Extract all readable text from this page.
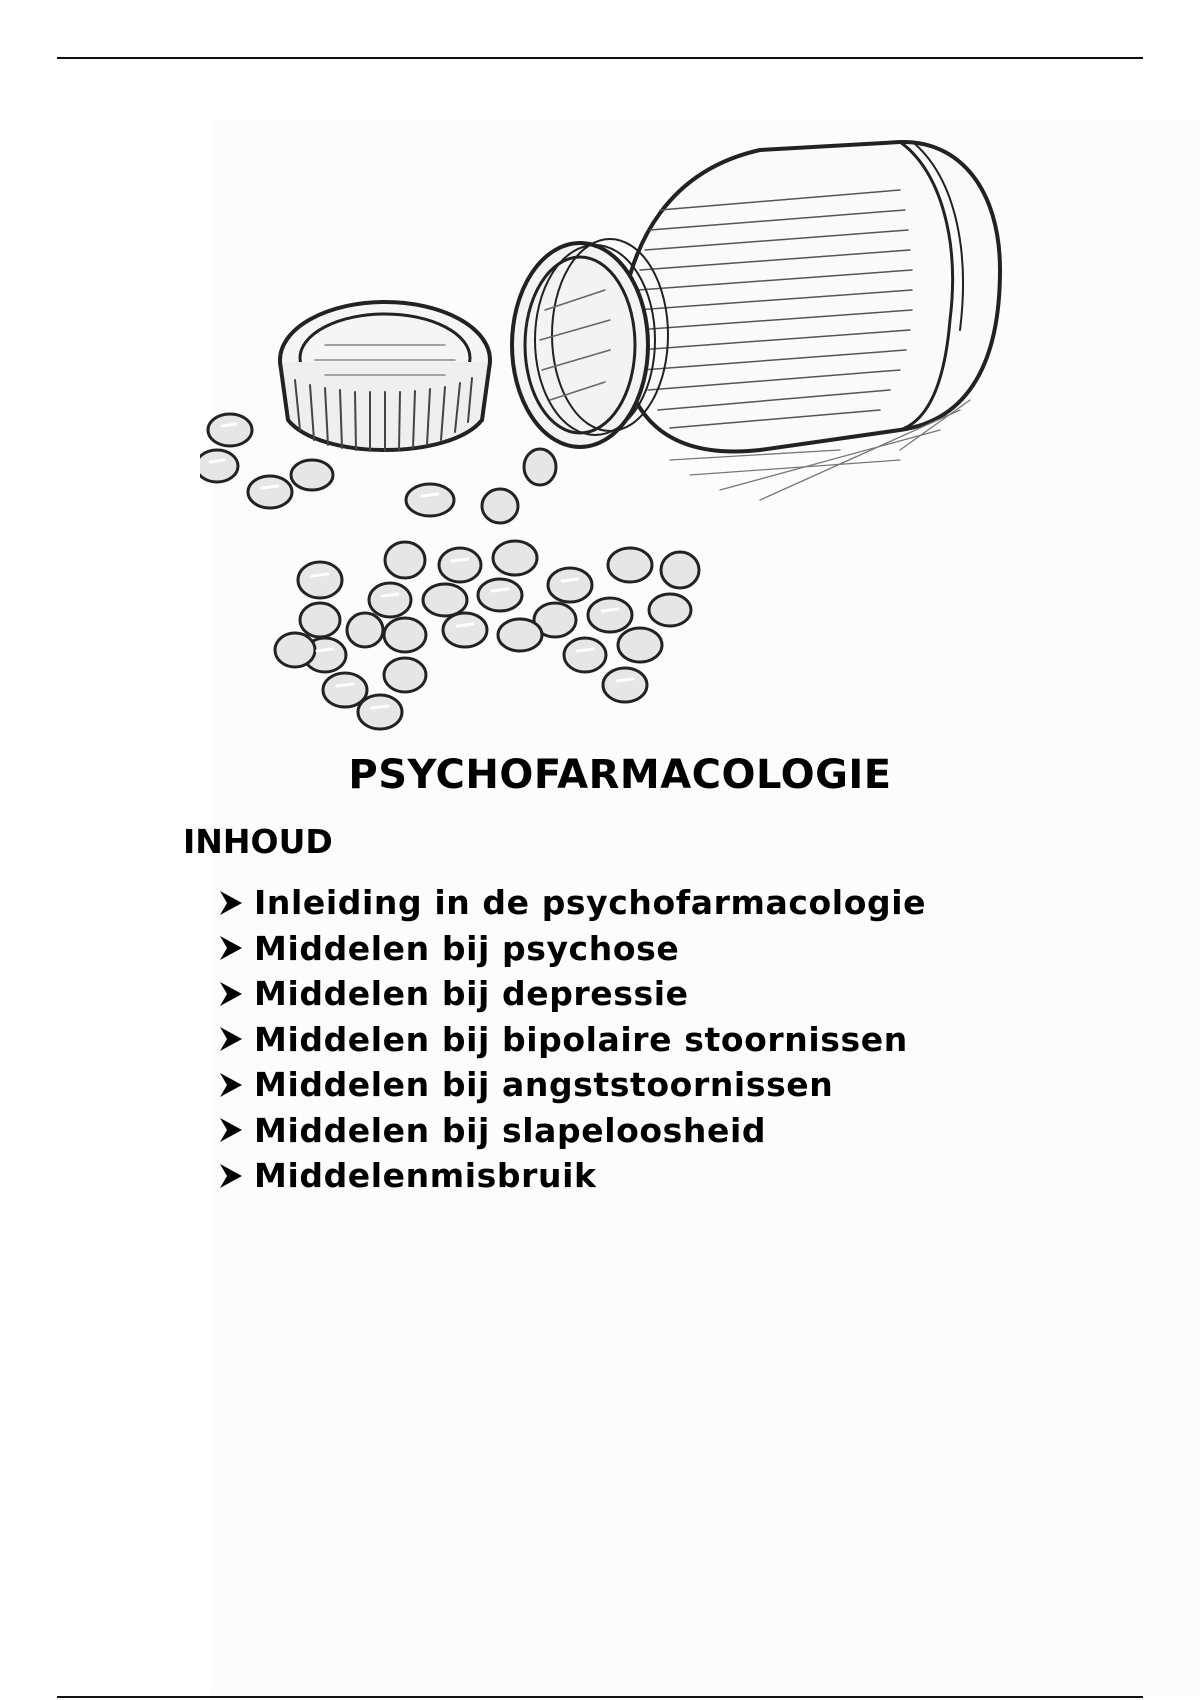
PSYCHOFARMACOLOGIE
INHOUD
Inleiding in de psychofarmacologie
Middelen bij psychose
Middelen bij depressie
Middelen bij bipolaire stoornissen
Middelen bij angststoornissen
Middelen bij slapeloosheid
Middelenmisbruik
